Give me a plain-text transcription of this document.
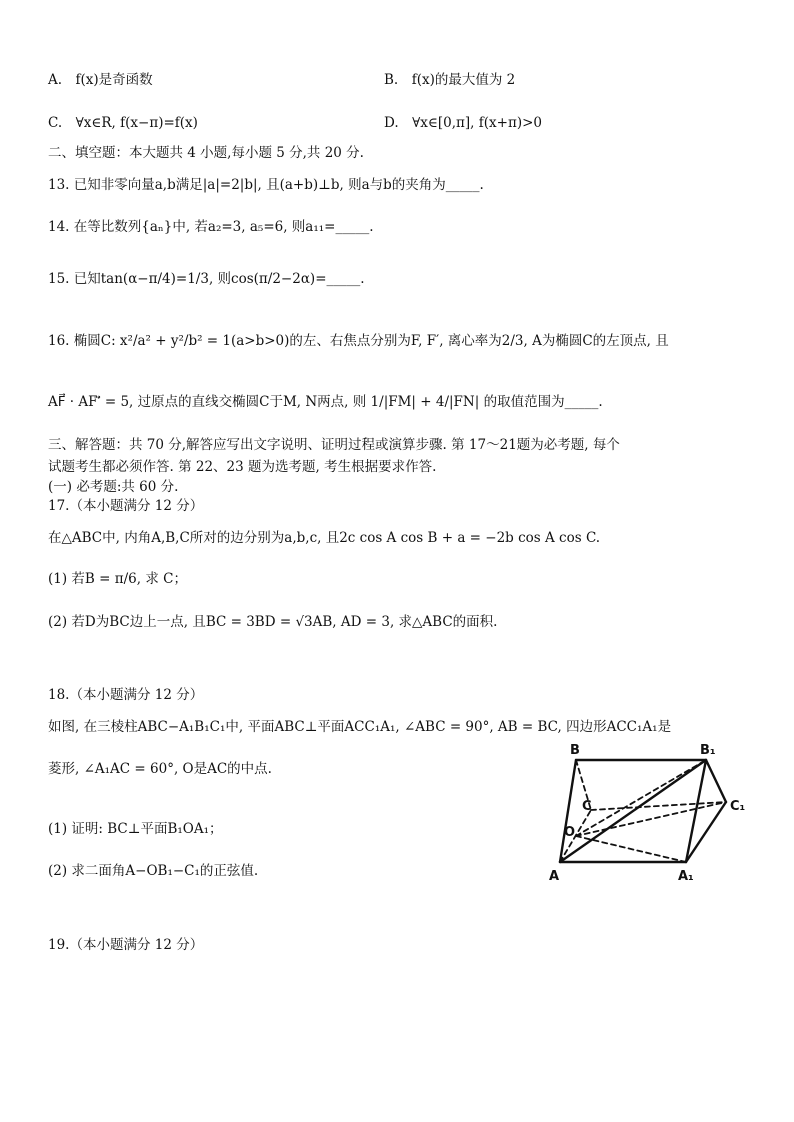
A.　f(x)是奇函数	B.　f(x)的最大值为 2
C.　∀x∈R, f(x−π)=f(x)	D.　∀x∈[0,π], f(x+π)>0
二、填空题：本大题共 4 小题,每小题 5 分,共 20 分.
13. 已知非零向量a,b满足|a|=2|b|, 且(a+b)⊥b, 则a与b的夹角为_____.
14. 在等比数列{aₙ}中, 若a₂=3, a₅=6, 则a₁₁=_____.
15. 已知tan(α−π/4)=1/3, 则cos(π/2−2α)=_____.
16. 椭圆C: x²/a² + y²/b² = 1(a>b>0)的左、右焦点分别为F, F′, 离心率为2/3, A为椭圆C的左顶点, 且
AF⃗ · AF′⃗ = 5, 过原点的直线交椭圆C于M, N两点, 则 1/|FM| + 4/|FN| 的取值范围为_____.
三、解答题：共 70 分,解答应写出文字说明、证明过程或演算步骤. 第 17～21题为必考题, 每个
试题考生都必须作答. 第 22、23 题为选考题, 考生根据要求作答.
(一) 必考题:共 60 分.
17.（本小题满分 12 分）
在△ABC中, 内角A,B,C所对的边分别为a,b,c, 且2c cos A cos B + a = −2b cos A cos C.
(1) 若B = π/6, 求 C；
(2) 若D为BC边上一点, 且BC = 3BD = √3AB, AD = 3, 求△ABC的面积.
18.（本小题满分 12 分）
如图, 在三棱柱ABC−A₁B₁C₁中, 平面ABC⊥平面ACC₁A₁, ∠ABC = 90°, AB = BC, 四边形ACC₁A₁是
菱形, ∠A₁AC = 60°, O是AC的中点.
(1) 证明: BC⊥平面B₁OA₁；
(2) 求二面角A−OB₁−C₁的正弦值.
19.（本小题满分 12 分）
B	B₁
C	C₁
O
A	A₁
